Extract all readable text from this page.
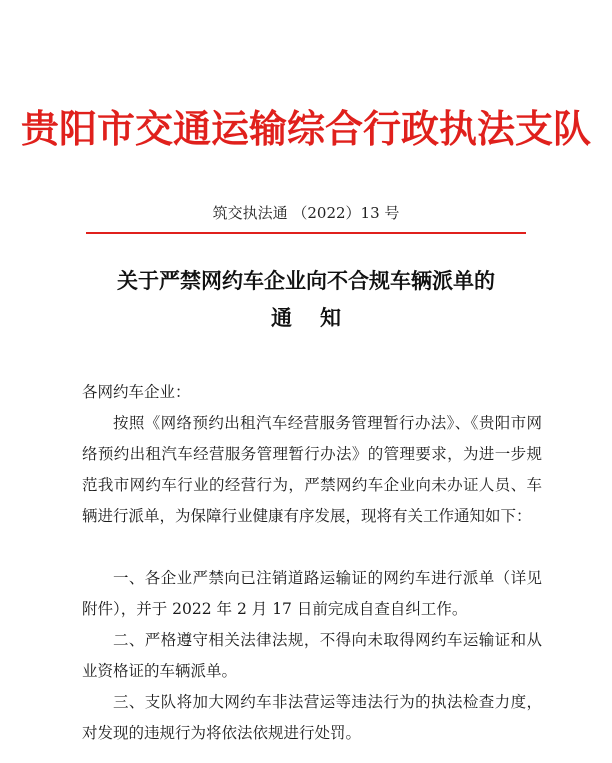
贵阳市交通运输综合行政执法支队
筑交执法通 （2022）13 号
关于严禁网约车企业向不合规车辆派单的
通知
各网约车企业：
按照《网络预约出租汽车经营服务管理暂行办法》、《贵阳市网络预约出租汽车经营服务管理暂行办法》的管理要求，为进一步规范我市网约车行业的经营行为，严禁网约车企业向未办证人员、车辆进行派单，为保障行业健康有序发展，现将有关工作通知如下：
一、各企业严禁向已注销道路运输证的网约车进行派单（详见附件），并于 2022 年 2 月 17 日前完成自查自纠工作。
二、严格遵守相关法律法规，不得向未取得网约车运输证和从业资格证的车辆派单。
三、支队将加大网约车非法营运等违法行为的执法检查力度，对发现的违规行为将依法依规进行处罚。
